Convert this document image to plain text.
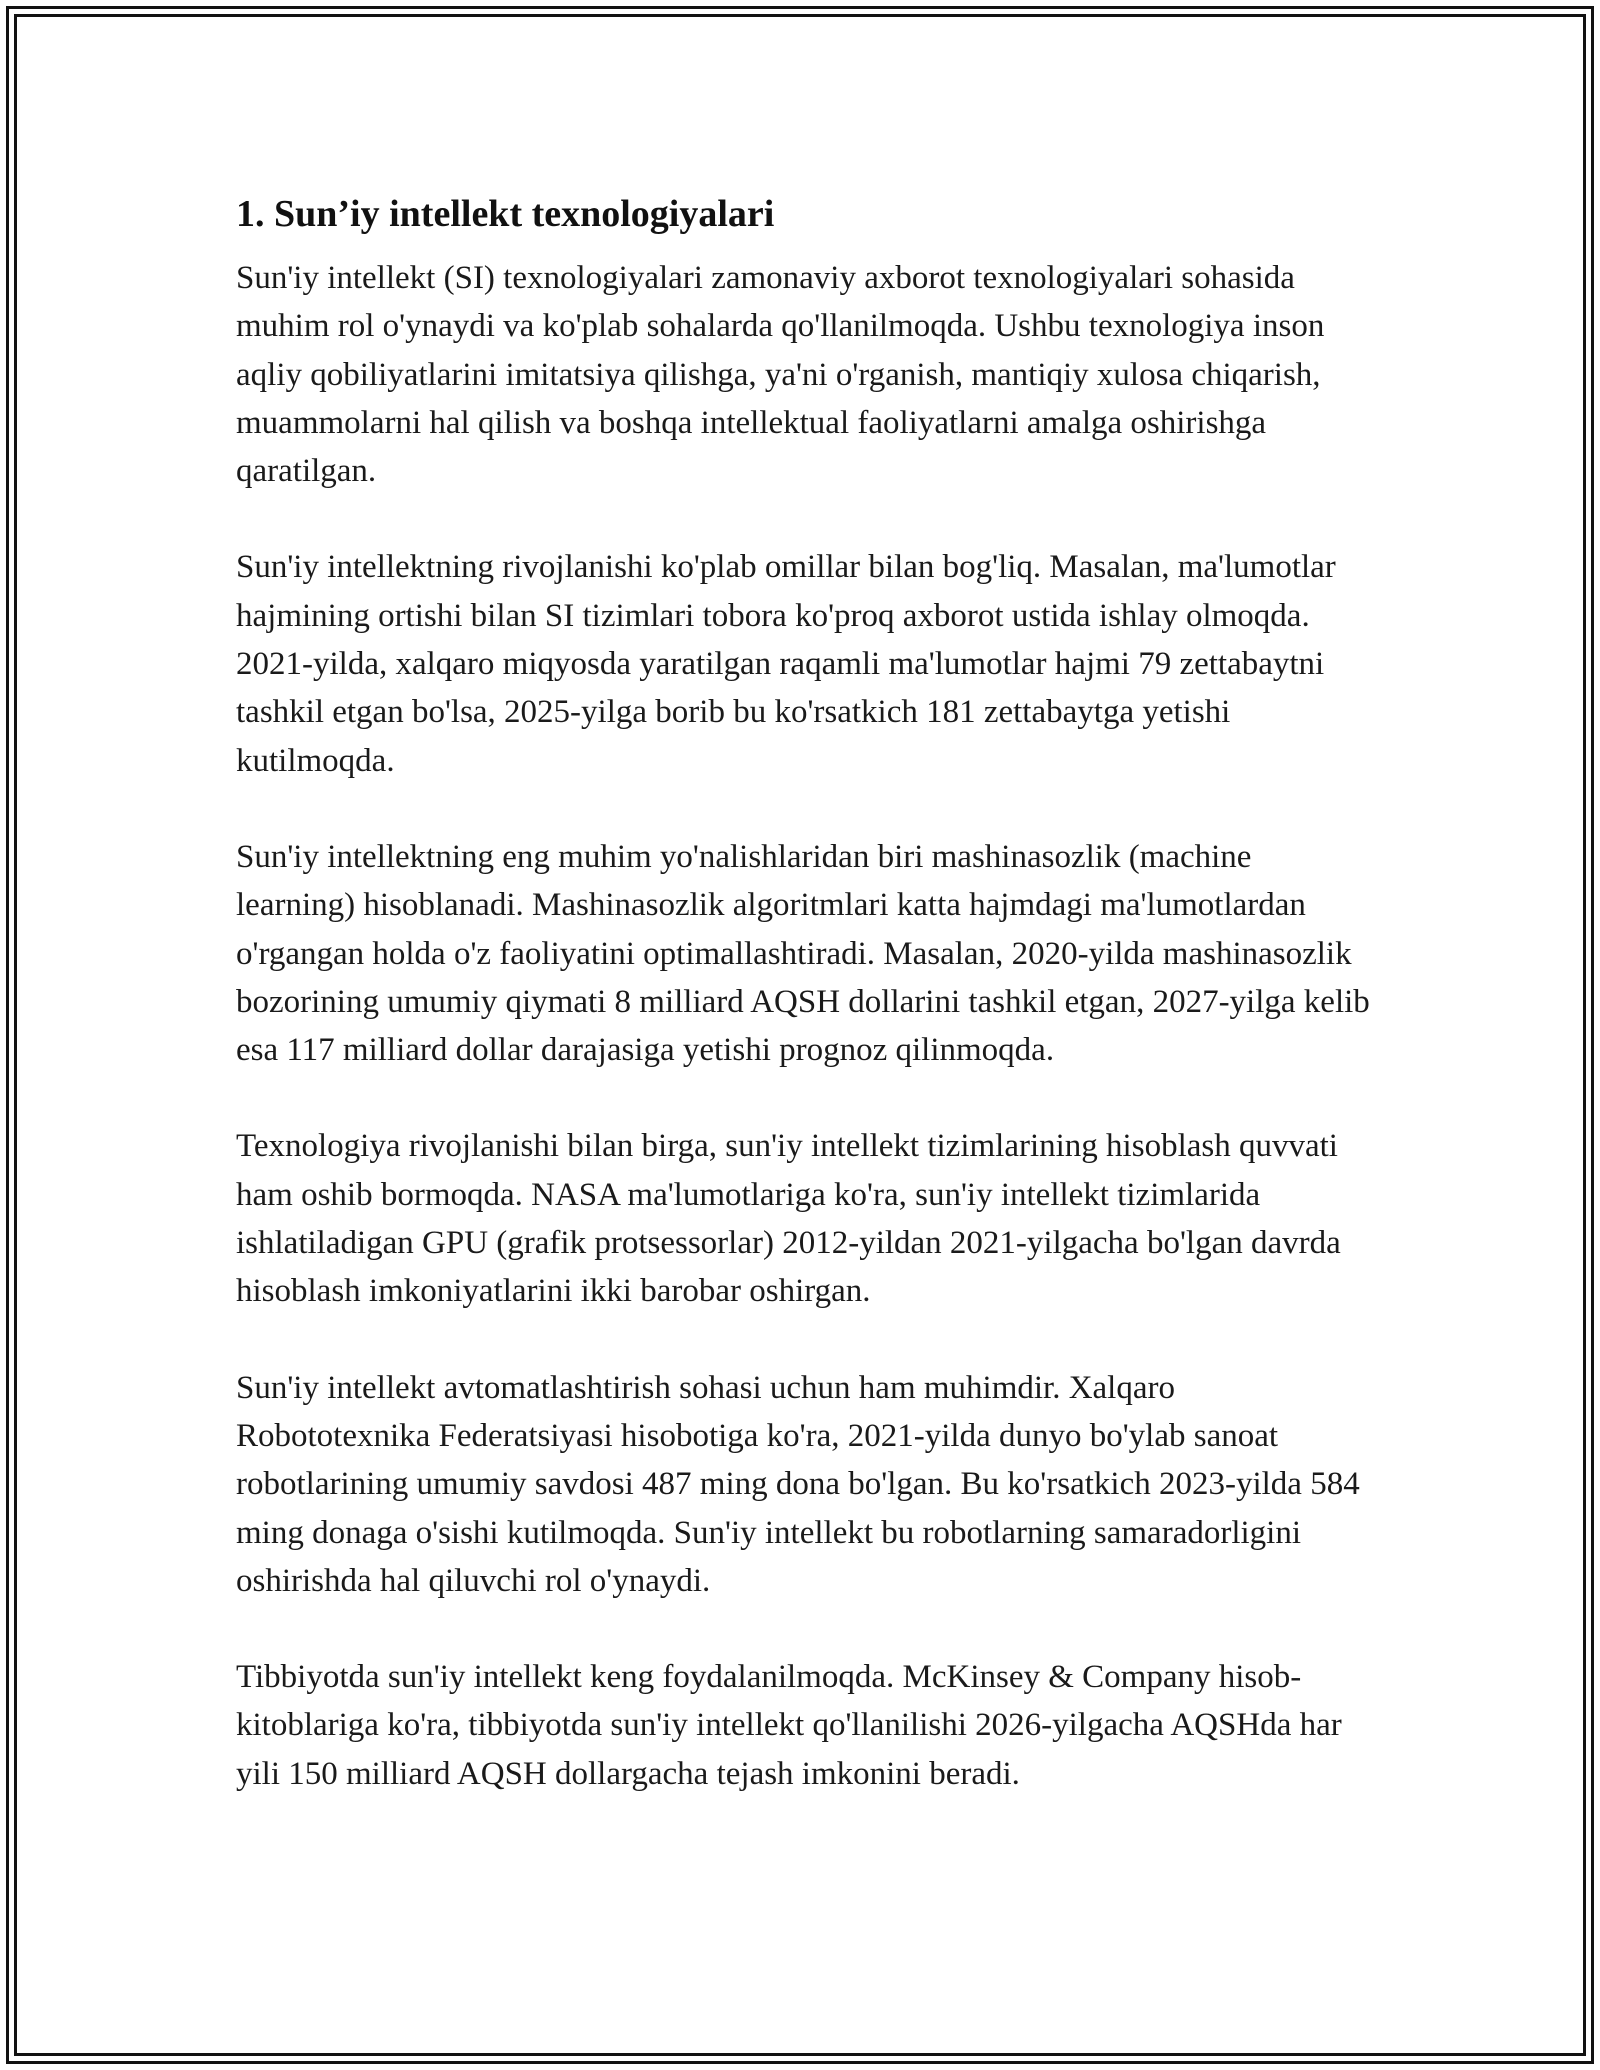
1. Sun’iy intellekt texnologiyalari

Sun'iy intellekt (SI) texnologiyalari zamonaviy axborot texnologiyalari sohasida muhim rol o'ynaydi va ko'plab sohalarda qo'llanilmoqda. Ushbu texnologiya inson aqliy qobiliyatlarini imitatsiya qilishga, ya'ni o'rganish, mantiqiy xulosa chiqarish, muammolarni hal qilish va boshqa intellektual faoliyatlarni amalga oshirishga qaratilgan.

Sun'iy intellektning rivojlanishi ko'plab omillar bilan bog'liq. Masalan, ma'lumotlar hajmining ortishi bilan SI tizimlari tobora ko'proq axborot ustida ishlay olmoqda. 2021-yilda, xalqaro miqyosda yaratilgan raqamli ma'lumotlar hajmi 79 zettabaytni tashkil etgan bo'lsa, 2025-yilga borib bu ko'rsatkich 181 zettabaytga yetishi kutilmoqda.

Sun'iy intellektning eng muhim yo'nalishlaridan biri mashinasozlik (machine learning) hisoblanadi. Mashinasozlik algoritmlari katta hajmdagi ma'lumotlardan o'rgangan holda o'z faoliyatini optimallashtiradi. Masalan, 2020-yilda mashinasozlik bozorining umumiy qiymati 8 milliard AQSH dollarini tashkil etgan, 2027-yilga kelib esa 117 milliard dollar darajasiga yetishi prognoz qilinmoqda.

Texnologiya rivojlanishi bilan birga, sun'iy intellekt tizimlarining hisoblash quvvati ham oshib bormoqda. NASA ma'lumotlariga ko'ra, sun'iy intellekt tizimlarida ishlatiladigan GPU (grafik protsessorlar) 2012-yildan 2021-yilgacha bo'lgan davrda hisoblash imkoniyatlarini ikki barobar oshirgan.

Sun'iy intellekt avtomatlashtirish sohasi uchun ham muhimdir. Xalqaro Robototexnika Federatsiyasi hisobotiga ko'ra, 2021-yilda dunyo bo'ylab sanoat robotlarining umumiy savdosi 487 ming dona bo'lgan. Bu ko'rsatkich 2023-yilda 584 ming donaga o'sishi kutilmoqda. Sun'iy intellekt bu robotlarning samaradorligini oshirishda hal qiluvchi rol o'ynaydi.

Tibbiyotda sun'iy intellekt keng foydalanilmoqda. McKinsey & Company hisob-kitoblariga ko'ra, tibbiyotda sun'iy intellekt qo'llanilishi 2026-yilgacha AQSHda har yili 150 milliard AQSH dollargacha tejash imkonini beradi.
